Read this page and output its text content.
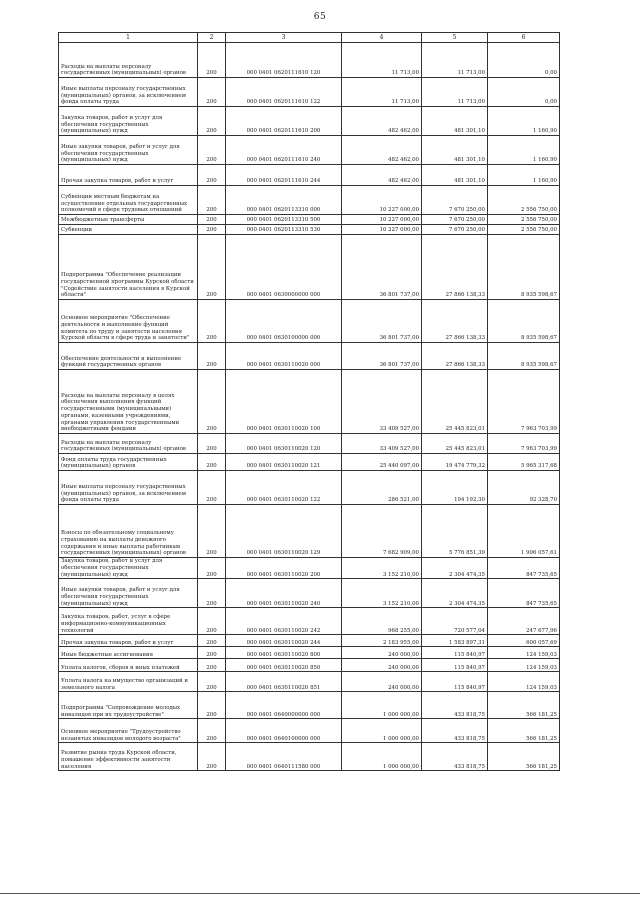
65
1	2	3	4	5	6
Расходы на выплаты персоналу государственных (муниципальных) органов	200	000 0401 0620111610 120	11 713,00	11 713,00	0,00
Иные выплаты персоналу государственных (муниципальных) органов, за исключением фонда оплаты труда	200	000 0401 0620111610 122	11 713,00	11 713,00	0,00
Закупка товаров, работ и услуг для обеспечения государственных (муниципальных) нужд	200	000 0401 0620111610 200	482 462,00	481 301,10	1 160,90
Иные закупки товаров, работ и услуг для обеспечения государственных (муниципальных) нужд	200	000 0401 0620111610 240	482 462,00	481 301,10	1 160,90
Прочая закупка товаров, работ и услуг	200	000 0401 0620111610 244	482 462,00	481 301,10	1 160,90
Субвенции местным бюджетам на осуществление отдельных государственных полномочий в сфере трудовых отношений	200	000 0401 0620113310 000	10 227 000,00	7 670 250,00	2 556 750,00
Межбюджетные трансферты	200	000 0401 0620113310 500	10 227 000,00	7 670 250,00	2 556 750,00
Субвенции	200	000 0401 0620113310 530	10 227 000,00	7 670 250,00	2 556 750,00
Подпрограмма "Обеспечение реализации государственной программы Курской области "Содействие занятости населения в Курской области"	200	000 0401 0630000000 000	36 801 737,00	27 866 138,33	8 935 598,67
Основное мероприятие "Обеспечение деятельности и выполнение функций комитета по труду и занятости населения Курской области в сфере труда и занятости"	200	000 0401 0630100000 000	36 801 737,00	27 866 138,33	8 935 598,67
Обеспечение деятельности и выполнение функций государственных органов	200	000 0401 0630110020 000	36 801 737,00	27 866 138,33	8 935 598,67
Расходы на выплаты персоналу в целях обеспечения выполнения функций государственными (муниципальными) органами, казенными учреждениями, органами управления государственными внебюджетными фондами	200	000 0401 0630110020 100	33 409 527,00	25 445 823,01	7 963 703,99
Расходы на выплаты персоналу государственных (муниципальных) органов	200	000 0401 0630110020 120	33 409 527,00	25 445 823,01	7 963 703,99
Фонд оплаты труда государственных (муниципальных) органов	200	000 0401 0630110020 121	25 440 097,00	19 474 779,32	5 965 317,68
Иные выплаты персоналу государственных (муниципальных) органов, за исключением фонда оплаты труда	200	000 0401 0630110020 122	286 521,00	194 192,30	92 328,70
Взносы по обязательному социальному страхованию на выплаты денежного содержания и иные выплаты работникам государственных (муниципальных) органов	200	000 0401 0630110020 129	7 682 909,00	5 776 851,39	1 906 057,61
Закупка товаров, работ и услуг для обеспечения государственных (муниципальных) нужд	200	000 0401 0630110020 200	3 152 210,00	2 304 474,35	847 735,65
Иные закупки товаров, работ и услуг для обеспечения государственных (муниципальных) нужд	200	000 0401 0630110020 240	3 152 210,00	2 304 474,35	847 735,65
Закупка товаров, работ, услуг в сфере информационно-коммуникационных технологий	200	000 0401 0630110020 242	968 255,00	720 577,04	247 677,96
Прочая закупка товаров, работ и услуг	200	000 0401 0630110020 244	2 183 955,00	1 583 897,31	600 057,69
Иные бюджетные ассигнования	200	000 0401 0630110020 800	240 000,00	115 840,97	124 159,03
Уплата налогов, сборов и иных платежей	200	000 0401 0630110020 850	240 000,00	115 840,97	124 159,03
Уплата налога на имущество организаций и земельного налога	200	000 0401 0630110020 851	240 000,00	115 840,97	124 159,03
Подпрограмма "Сопровождение молодых инвалидов при их трудоустройстве"	200	000 0401 0640000000 000	1 000 000,00	433 818,75	566 181,25
Основное мероприятие "Трудоустройство незанятых инвалидов молодого возраста"	200	000 0401 0640100000 000	1 000 000,00	433 818,75	566 181,25
Развитие рынка труда Курской области, повышение эффективности занятости населения	200	000 0401 0640111580 000	1 000 000,00	433 818,75	566 181,25
